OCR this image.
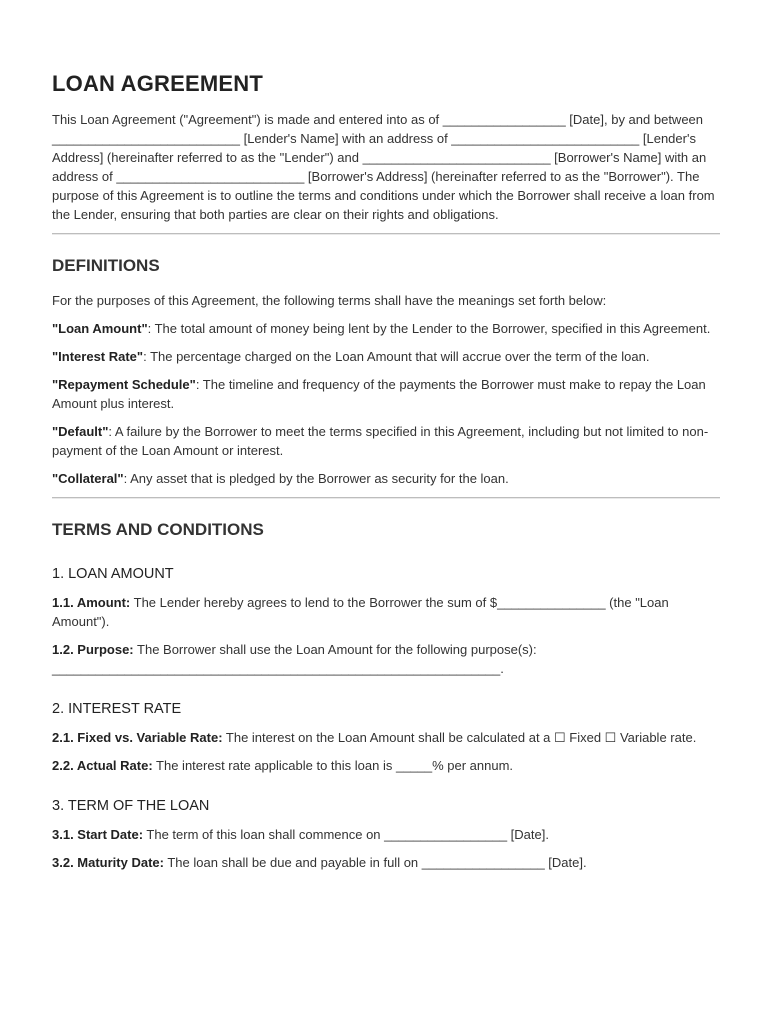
LOAN AGREEMENT

This Loan Agreement ("Agreement") is made and entered into as of _________________ [Date], by and between __________________________ [Lender's Name] with an address of __________________________ [Lender's Address] (hereinafter referred to as the "Lender") and __________________________ [Borrower's Name] with an address of __________________________ [Borrower's Address] (hereinafter referred to as the "Borrower"). The purpose of this Agreement is to outline the terms and conditions under which the Borrower shall receive a loan from the Lender, ensuring that both parties are clear on their rights and obligations.

DEFINITIONS

For the purposes of this Agreement, the following terms shall have the meanings set forth below:

"Loan Amount": The total amount of money being lent by the Lender to the Borrower, specified in this Agreement.

"Interest Rate": The percentage charged on the Loan Amount that will accrue over the term of the loan.

"Repayment Schedule": The timeline and frequency of the payments the Borrower must make to repay the Loan Amount plus interest.

"Default": A failure by the Borrower to meet the terms specified in this Agreement, including but not limited to non-payment of the Loan Amount or interest.

"Collateral": Any asset that is pledged by the Borrower as security for the loan.

TERMS AND CONDITIONS
1. LOAN AMOUNT

1.1. Amount: The Lender hereby agrees to lend to the Borrower the sum of $_______________ (the "Loan Amount").

1.2. Purpose: The Borrower shall use the Loan Amount for the following purpose(s): ______________________________________________________________.

2. INTEREST RATE

2.1. Fixed vs. Variable Rate: The interest on the Loan Amount shall be calculated at a ☐ Fixed ☐ Variable rate.

2.2. Actual Rate: The interest rate applicable to this loan is _____% per annum.

3. TERM OF THE LOAN

3.1. Start Date: The term of this loan shall commence on _________________ [Date].

3.2. Maturity Date: The loan shall be due and payable in full on _________________ [Date].
